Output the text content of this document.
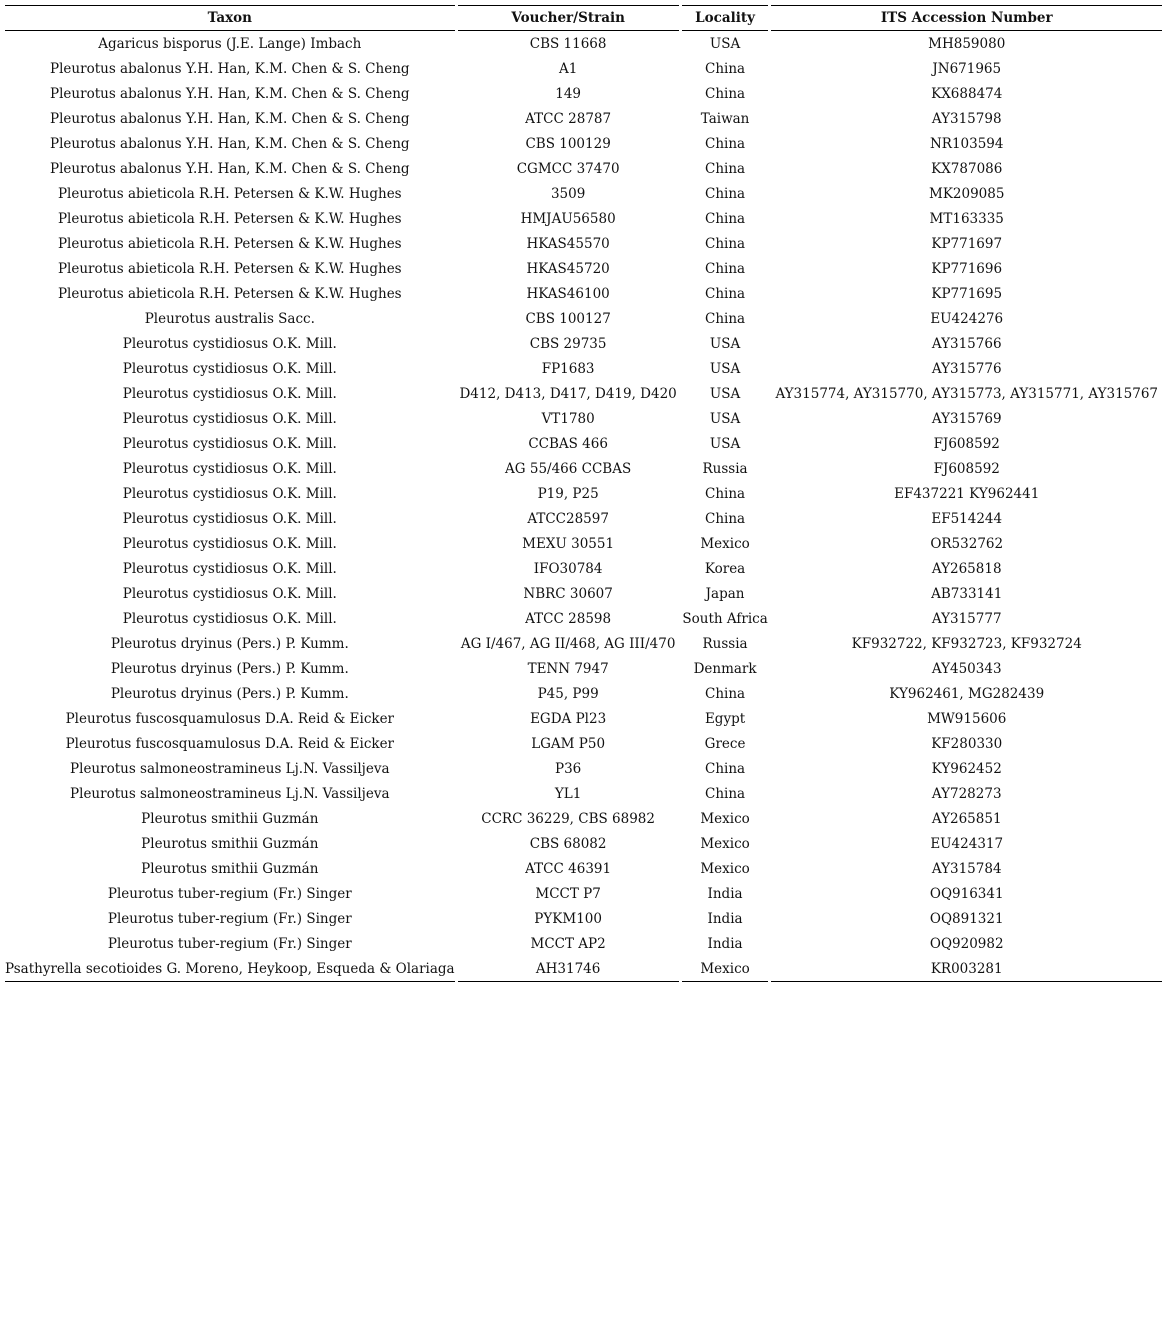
Taxon	Voucher/Strain	Locality	ITS Accession Number
Agaricus bisporus (J.E. Lange) Imbach	CBS 11668	USA	MH859080
Pleurotus abalonus Y.H. Han, K.M. Chen & S. Cheng	A1	China	JN671965
Pleurotus abalonus Y.H. Han, K.M. Chen & S. Cheng	149	China	KX688474
Pleurotus abalonus Y.H. Han, K.M. Chen & S. Cheng	ATCC 28787	Taiwan	AY315798
Pleurotus abalonus Y.H. Han, K.M. Chen & S. Cheng	CBS 100129	China	NR103594
Pleurotus abalonus Y.H. Han, K.M. Chen & S. Cheng	CGMCC 37470	China	KX787086
Pleurotus abieticola R.H. Petersen & K.W. Hughes	3509	China	MK209085
Pleurotus abieticola R.H. Petersen & K.W. Hughes	HMJAU56580	China	MT163335
Pleurotus abieticola R.H. Petersen & K.W. Hughes	HKAS45570	China	KP771697
Pleurotus abieticola R.H. Petersen & K.W. Hughes	HKAS45720	China	KP771696
Pleurotus abieticola R.H. Petersen & K.W. Hughes	HKAS46100	China	KP771695
Pleurotus australis Sacc.	CBS 100127	China	EU424276
Pleurotus cystidiosus O.K. Mill.	CBS 29735	USA	AY315766
Pleurotus cystidiosus O.K. Mill.	FP1683	USA	AY315776
Pleurotus cystidiosus O.K. Mill.	D412, D413, D417, D419, D420	USA	AY315774, AY315770, AY315773, AY315771, AY315767
Pleurotus cystidiosus O.K. Mill.	VT1780	USA	AY315769
Pleurotus cystidiosus O.K. Mill.	CCBAS 466	USA	FJ608592
Pleurotus cystidiosus O.K. Mill.	AG 55/466 CCBAS	Russia	FJ608592
Pleurotus cystidiosus O.K. Mill.	P19, P25	China	EF437221 KY962441
Pleurotus cystidiosus O.K. Mill.	ATCC28597	China	EF514244
Pleurotus cystidiosus O.K. Mill.	MEXU 30551	Mexico	OR532762
Pleurotus cystidiosus O.K. Mill.	IFO30784	Korea	AY265818
Pleurotus cystidiosus O.K. Mill.	NBRC 30607	Japan	AB733141
Pleurotus cystidiosus O.K. Mill.	ATCC 28598	South Africa	AY315777
Pleurotus dryinus (Pers.) P. Kumm.	AG I/467, AG II/468, AG III/470	Russia	KF932722, KF932723, KF932724
Pleurotus dryinus (Pers.) P. Kumm.	TENN 7947	Denmark	AY450343
Pleurotus dryinus (Pers.) P. Kumm.	P45, P99	China	KY962461, MG282439
Pleurotus fuscosquamulosus D.A. Reid & Eicker	EGDA Pl23	Egypt	MW915606
Pleurotus fuscosquamulosus D.A. Reid & Eicker	LGAM P50	Grece	KF280330
Pleurotus salmoneostramineus Lj.N. Vassiljeva	P36	China	KY962452
Pleurotus salmoneostramineus Lj.N. Vassiljeva	YL1	China	AY728273
Pleurotus smithii Guzmán	CCRC 36229, CBS 68982	Mexico	AY265851
Pleurotus smithii Guzmán	CBS 68082	Mexico	EU424317
Pleurotus smithii Guzmán	ATCC 46391	Mexico	AY315784
Pleurotus tuber-regium (Fr.) Singer	MCCT P7	India	OQ916341
Pleurotus tuber-regium (Fr.) Singer	PYKM100	India	OQ891321
Pleurotus tuber-regium (Fr.) Singer	MCCT AP2	India	OQ920982
Psathyrella secotioides G. Moreno, Heykoop, Esqueda & Olariaga	AH31746	Mexico	KR003281
